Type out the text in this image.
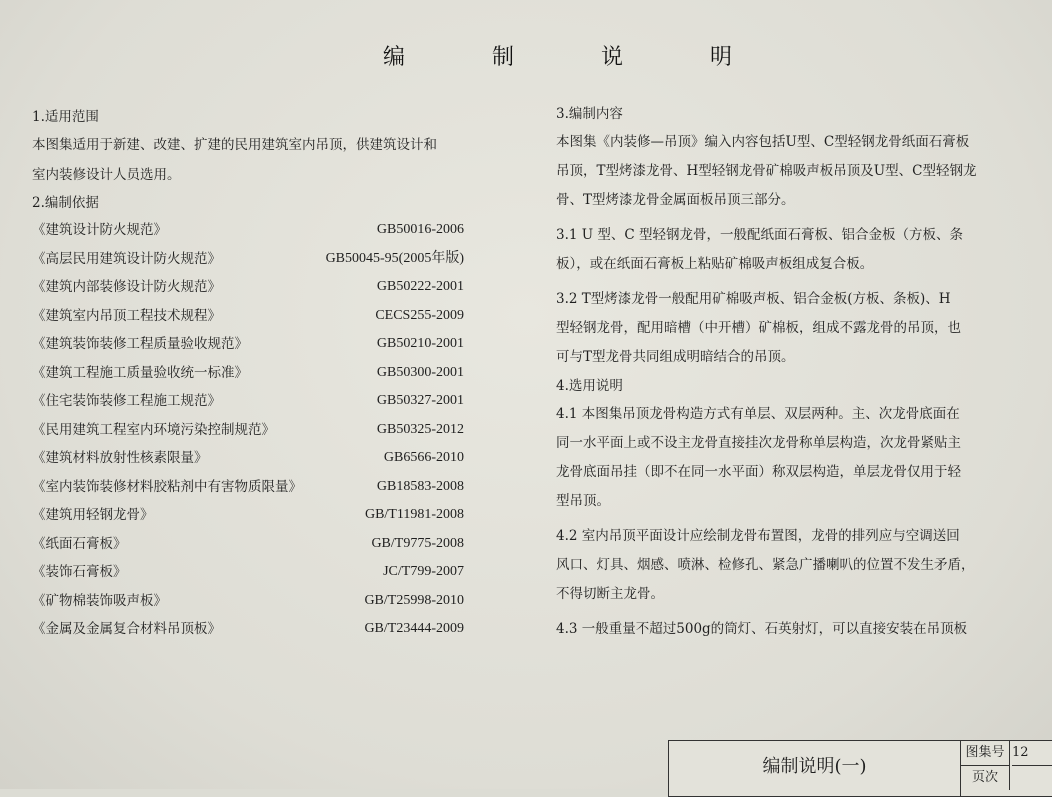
编 制 说 明
1.适用范围
本图集适用于新建、改建、扩建的民用建筑室内吊顶，供建筑设计和
室内装修设计人员选用。
2.编制依据
《建筑设计防火规范》	GB50016-2006
《高层民用建筑设计防火规范》	GB50045-95(2005年版)
《建筑内部装修设计防火规范》	GB50222-2001
《建筑室内吊顶工程技术规程》	CECS255-2009
《建筑装饰装修工程质量验收规范》	GB50210-2001
《建筑工程施工质量验收统一标准》	GB50300-2001
《住宅装饰装修工程施工规范》	GB50327-2001
《民用建筑工程室内环境污染控制规范》	GB50325-2012
《建筑材料放射性核素限量》	GB6566-2010
《室内装饰装修材料胶粘剂中有害物质限量》	GB18583-2008
《建筑用轻钢龙骨》	GB/T11981-2008
《纸面石膏板》	GB/T9775-2008
《装饰石膏板》	JC/T799-2007
《矿物棉装饰吸声板》	GB/T25998-2010
《金属及金属复合材料吊顶板》	GB/T23444-2009
3.编制内容
本图集《内装修—吊顶》编入内容包括U型、C型轻钢龙骨纸面石膏板
吊顶，T型烤漆龙骨、H型轻钢龙骨矿棉吸声板吊顶及U型、C型轻钢龙
骨、T型烤漆龙骨金属面板吊顶三部分。
3.1 U 型、C 型轻钢龙骨，一般配纸面石膏板、铝合金板（方板、条
板），或在纸面石膏板上粘贴矿棉吸声板组成复合板。
3.2 T型烤漆龙骨一般配用矿棉吸声板、铝合金板(方板、条板)、H
型轻钢龙骨，配用暗槽（中开槽）矿棉板，组成不露龙骨的吊顶，也
可与T型龙骨共同组成明暗结合的吊顶。
4.选用说明
4.1 本图集吊顶龙骨构造方式有单层、双层两种。主、次龙骨底面在
同一水平面上或不设主龙骨直接挂次龙骨称单层构造，次龙骨紧贴主
龙骨底面吊挂（即不在同一水平面）称双层构造，单层龙骨仅用于轻
型吊顶。
4.2 室内吊顶平面设计应绘制龙骨布置图，龙骨的排列应与空调送回
风口、灯具、烟感、喷淋、检修孔、紧急广播喇叭的位置不发生矛盾，
不得切断主龙骨。
4.3 一般重量不超过500g的筒灯、石英射灯，可以直接安装在吊顶板
编制说明(一)
图集号 12
页次
